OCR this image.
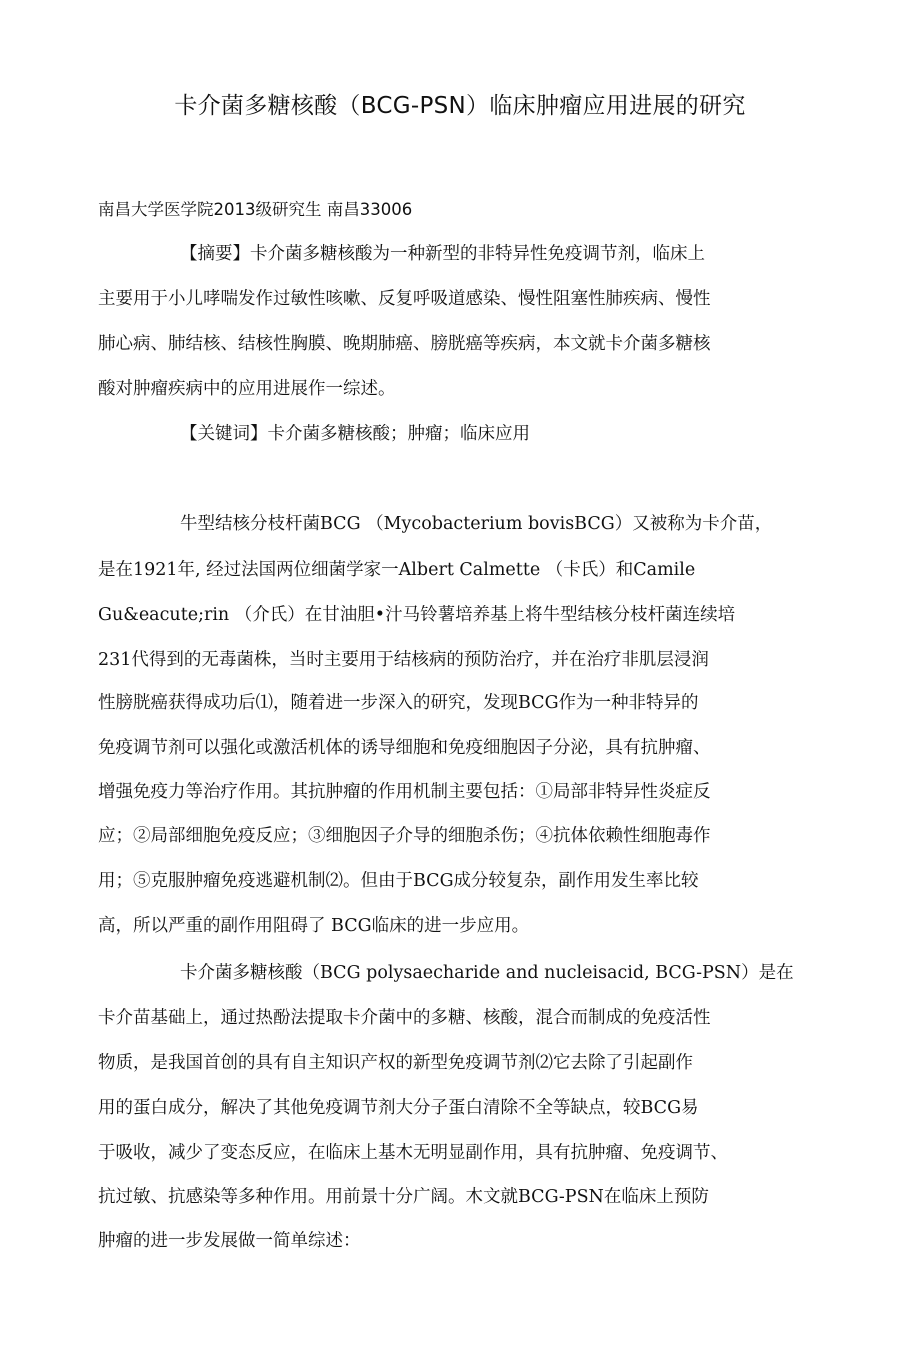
卡介菌多糖核酸（BCG-PSN）临床肿瘤应用进展的研究
南昌大学医学院2013级研究生 南昌33006
【摘要】卡介菌多糖核酸为一种新型的非特异性免疫调节剂，临床上
主要用于小儿哮喘发作过敏性咳嗽、反复呼吸道感染、慢性阻塞性肺疾病、慢性
肺心病、肺结核、结核性胸膜、晚期肺癌、膀胱癌等疾病，本文就卡介菌多糖核
酸对肿瘤疾病中的应用进展作一综述。
【关键词】卡介菌多糖核酸；肿瘤；临床应用
牛型结核分枝杆菌BCG （Mycobacterium bovisBCG）又被称为卡介苗，
是在1921年, 经过法国两位细菌学家一Albert Calmette （卡氏）和Camile
Gu&eacute;rin （介氏）在甘油胆•汁马铃薯培养基上将牛型结核分枝杆菌连续培
231代得到的无毒菌株，当时主要用于结核病的预防治疗，并在治疗非肌层浸润
性膀胱癌获得成功后⑴，随着进一步深入的研究，发现BCG作为一种非特异的
免疫调节剂可以强化或激活机体的诱导细胞和免疫细胞因子分泌，具有抗肿瘤、
增强免疫力等治疗作用。其抗肿瘤的作用机制主要包括：①局部非特异性炎症反
应；②局部细胞免疫反应；③细胞因子介导的细胞杀伤；④抗体依赖性细胞毒作
用；⑤克服肿瘤免疫逃避机制⑵。但由于BCG成分较复杂，副作用发生率比较
高，所以严重的副作用阻碍了 BCG临床的进一步应用。
卡介菌多糖核酸（BCG polysaecharide and nucleisacid, BCG-PSN）是在
卡介苗基础上，通过热酚法提取卡介菌中的多糖、核酸，混合而制成的免疫活性
物质，是我国首创的具有自主知识产权的新型免疫调节剂⑵它去除了引起副作
用的蛋白成分，解决了其他免疫调节剂大分子蛋白清除不全等缺点，较BCG易
于吸收，减少了变态反应，在临床上基木无明显副作用，具有抗肿瘤、免疫调节、
抗过敏、抗感染等多种作用。用前景十分广阔。木文就BCG-PSN在临床上预防
肿瘤的进一步发展做一简单综述：
